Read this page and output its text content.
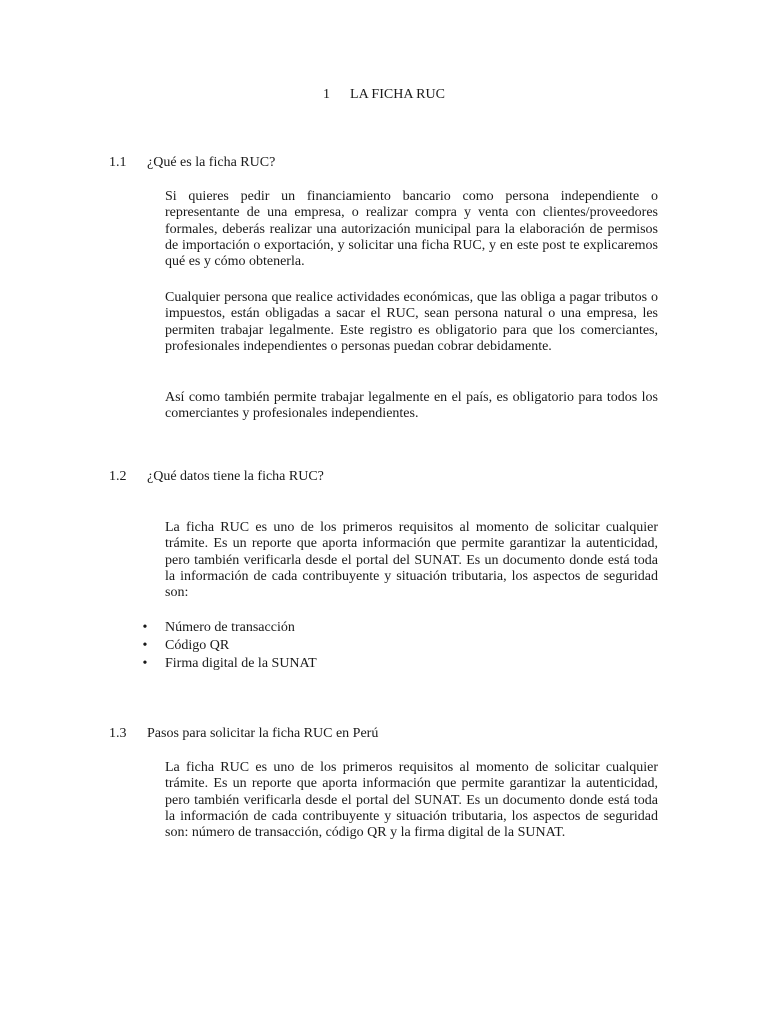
1 LA FICHA RUC
1.1 ¿Qué es la ficha RUC?

Si quieres pedir un financiamiento bancario como persona independiente o representante de una empresa, o realizar compra y venta con clientes/proveedores formales, deberás realizar una autorización municipal para la elaboración de permisos de importación o exportación, y solicitar una ficha RUC, y en este post te explicaremos qué es y cómo obtenerla.

Cualquier persona que realice actividades económicas, que las obliga a pagar tributos o impuestos, están obligadas a sacar el RUC, sean persona natural o una empresa, les permiten trabajar legalmente. Este registro es obligatorio para que los comerciantes, profesionales independientes o personas puedan cobrar debidamente.

Así como también permite trabajar legalmente en el país, es obligatorio para todos los comerciantes y profesionales independientes.

1.2 ¿Qué datos tiene la ficha RUC?

La ficha RUC es uno de los primeros requisitos al momento de solicitar cualquier trámite. Es un reporte que aporta información que permite garantizar la autenticidad, pero también verificarla desde el portal del SUNAT. Es un documento donde está toda la información de cada contribuyente y situación tributaria, los aspectos de seguridad son:

• Número de transacción
• Código QR
• Firma digital de la SUNAT
1.3 Pasos para solicitar la ficha RUC en Perú

La ficha RUC es uno de los primeros requisitos al momento de solicitar cualquier trámite. Es un reporte que aporta información que permite garantizar la autenticidad, pero también verificarla desde el portal del SUNAT. Es un documento donde está toda la información de cada contribuyente y situación tributaria, los aspectos de seguridad son: número de transacción, código QR y la firma digital de la SUNAT.
